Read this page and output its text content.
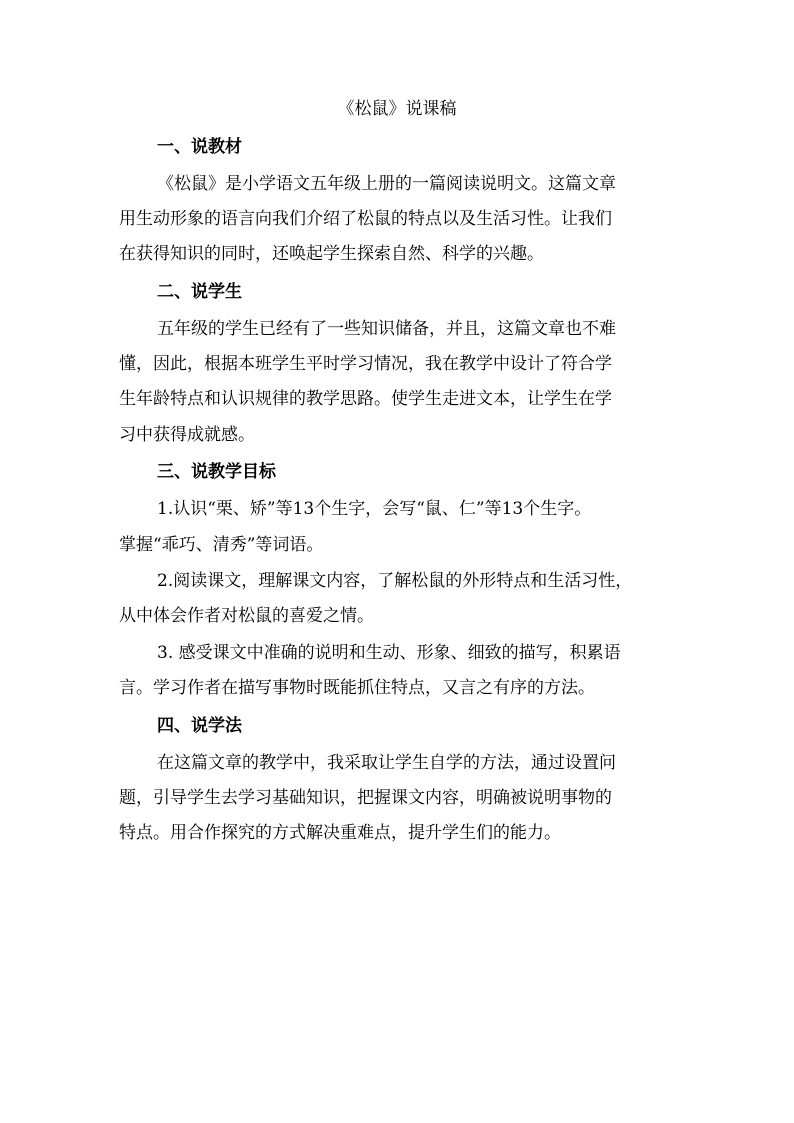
《松鼠》说课稿
一、说教材
《松鼠》是小学语文五年级上册的一篇阅读说明文。这篇文章
用生动形象的语言向我们介绍了松鼠的特点以及生活习性。让我们
在获得知识的同时，还唤起学生探索自然、科学的兴趣。
二、说学生
五年级的学生已经有了一些知识储备，并且，这篇文章也不难
懂，因此，根据本班学生平时学习情况，我在教学中设计了符合学
生年龄特点和认识规律的教学思路。使学生走进文本，让学生在学
习中获得成就感。
三、说教学目标
1.认识“栗、矫”等13个生字，会写“鼠、仁”等13个生字。
掌握“乖巧、清秀”等词语。
2.阅读课文，理解课文内容，了解松鼠的外形特点和生活习性，
从中体会作者对松鼠的喜爱之情。
3. 感受课文中准确的说明和生动、形象、细致的描写，积累语
言。学习作者在描写事物时既能抓住特点，又言之有序的方法。
四、说学法
在这篇文章的教学中，我采取让学生自学的方法，通过设置问
题，引导学生去学习基础知识，把握课文内容，明确被说明事物的
特点。用合作探究的方式解决重难点，提升学生们的能力。
